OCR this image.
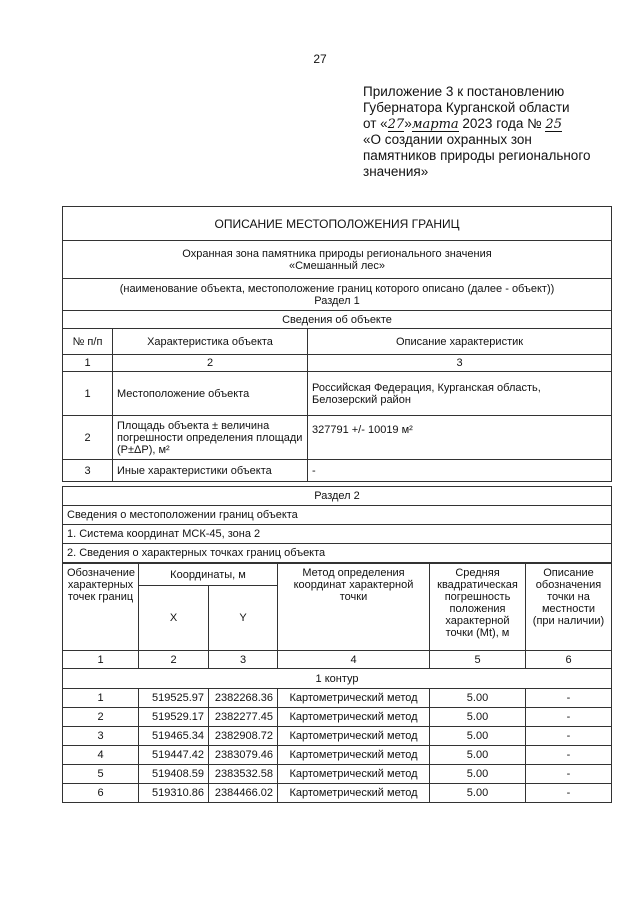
27
Приложение 3 к постановлению
Губернатора Курганской области
от «27»марта 2023 года № 25
«О создании охранных зон
памятников природы регионального
значения»
ОПИСАНИЕ МЕСТОПОЛОЖЕНИЯ ГРАНИЦ		

Охранная зона памятника природы регионального значения
«Смешанный лес»		

(наименование объекта, местоположение границ которого описано (далее - объект))
Раздел 1		

Сведения об объекте		
№ п/п	Характеристика объекта	Описание характеристик
1	2	3
1	Местоположение объекта	Российская Федерация, Курганская область, Белозерский район
2	Площадь объекта ± величина погрешности определения площади (P±ΔP), м²	327791 +/- 10019 м²
3	Иные характеристики объекта	-
Раздел 2
Сведения о местоположении границ объекта
1. Система координат МСК-45, зона 2
2. Сведения о характерных точках границ объекта
Обозначение характерных точек границ	Координаты, м		Метод определения координат характерной точки	Средняя квадратическая погрешность положения характерной точки (Mt), м	Описание обозначения точки на местности (при наличии)
	X	Y			
1	2	3	4	5	6
1 контур					
1	519525.97	2382268.36	Картометрический метод	5.00	-
2	519529.17	2382277.45	Картометрический метод	5.00	-
3	519465.34	2382908.72	Картометрический метод	5.00	-
4	519447.42	2383079.46	Картометрический метод	5.00	-
5	519408.59	2383532.58	Картометрический метод	5.00	-
6	519310.86	2384466.02	Картометрический метод	5.00	-
